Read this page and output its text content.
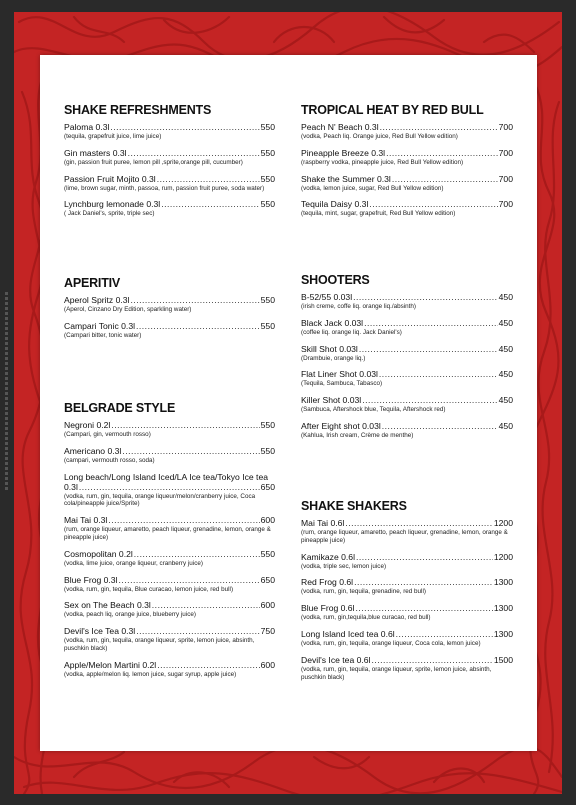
SHAKE REFRESHMENTS
Paloma 0.3l .....	550
(tequila, grapefruit juice, lime juice)
Gin masters 0.3l .....	550
(gin, passion fruit puree, lemon pill ,sprite,orange pill, cucumber)
Passion Fruit Mojito 0.3l .....	550
(lime, brown sugar, minth, passoa, rum, passion fruit puree, soda water)
Lynchburg lemonade 0.3l .....	550
( Jack Daniel's, sprite, triple sec)
APERITIV
Aperol Spritz 0.3l .....	550
(Aperol, Cinzano Dry Edition, sparkling water)
Campari Tonic 0.3l .....	550
(Campari bitter, tonic water)
BELGRADE STYLE
Negroni 0.2l .....	550
(Campari, gin, vermouth rosso)
Americano 0.3l .....	550
(campari, vermouth rosso, soda)
Long beach/Long Island Iced/LA Ice tea/Tokyo Ice tea
0.3l .....	650
(vodka, rum, gin, tequila, orange liqueur/melon/cranberry juice, Coca cola/pineapple juice/Sprite)
Mai Tai 0.3l .....	600
(rum, orange liqueur, amaretto, peach liqueur, grenadine, lemon, orange & pineapple juice)
Cosmopolitan 0.2l .....	550
(vodka, lime juice, orange liqueur, cranberry juice)
Blue Frog 0.3l .....	650
(vodka, rum, gin, tequila, Blue curacao, lemon juice, red bull)
Sex on The Beach 0.3l .....	600
(vodka, peach liq, orange juice, blueberry juice)
Devil's Ice Tea 0.3l .....	750
(vodka, rum, gin, tequila, orange liqueur, sprite, lemon juice, absinth, puschkin black)
Apple/Melon Martini 0.2l .....	600
(vodka, apple/melon liq. lemon juice, sugar syrup, apple juice)
TROPICAL HEAT BY RED BULL
Peach N' Beach 0.3l .....	700
(vodka, Peach liq. Orange juice, Red Bull Yellow edition)
Pineapple Breeze 0.3l .....	700
(raspberry vodka, pineapple juice, Red Bull Yellow edition)
Shake the Summer 0.3l .....	700
(vodka, lemon juice, sugar, Red Bull Yellow edition)
Tequila Daisy 0.3l .....	700
(tequila, mint, sugar, grapefruit, Red Bull Yellow edition)
SHOOTERS
B-52/55 0.03l .....	450
(irish creme, coffe liq. orange liq./absinth)
Black Jack 0.03l .....	450
(coffee liq. orange liq. Jack Daniel's)
Skill Shot 0.03l .....	450
(Drambuie, orange liq.)
Flat Liner Shot 0.03l .....	450
(Tequila, Sambuca, Tabasco)
Killer Shot 0.03l .....	450
(Sambuca, Aftershock blue, Tequila, Aftershock red)
After Eight shot 0.03l .....	450
(Kahlua, Irish cream, Crème de menthe)
SHAKE SHAKERS
Mai Tai 0.6l .....	1200
(rum, orange liqueur, amaretto, peach liqueur, grenadine, lemon, orange & pineapple juice)
Kamikaze 0.6l .....	1200
(vodka, triple sec, lemon juice)
Red Frog 0.6l .....	1300
(vodka, rum, gin, tequila, grenadine, red bull)
Blue Frog 0.6l .....	1300
(vodka, rum, gin,tequila,blue curacao, red bull)
Long Island Iced tea 0.6l .....	1300
(vodka, rum, gin, tequila, orange liqueur, Coca cola, lemon juice)
Devil's Ice tea 0.6l .....	1500
(vodka, rum, gin, tequila, orange liqueur, sprite, lemon juice, absinth, puschkin black)
